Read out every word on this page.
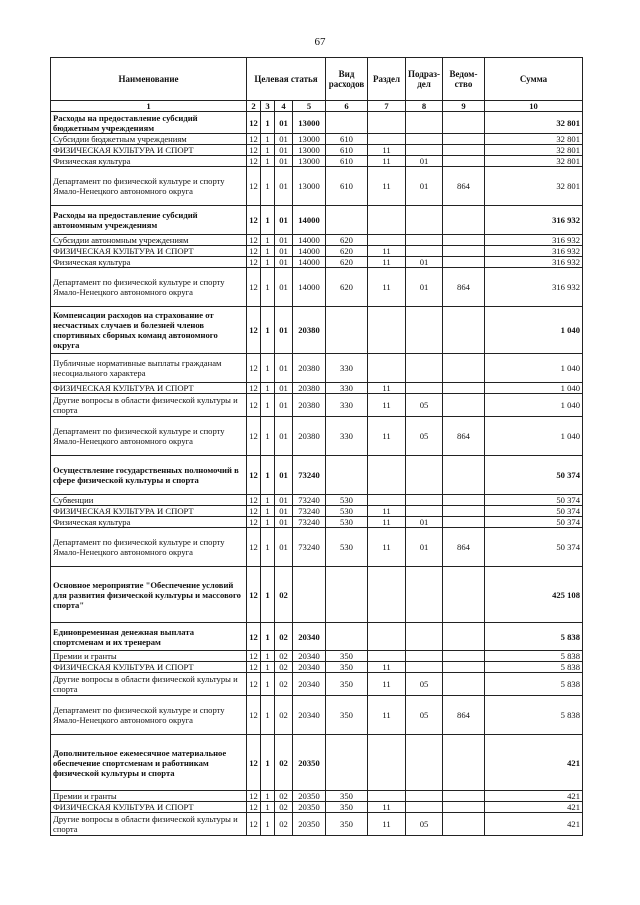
67
Наименование	Целевая статья				Вид расходов	Раздел	Подраз-дел	Ведом-ство	Сумма
1	2	3	4	5	6	7	8	9	10
Расходы на предоставление субсидий бюджетным учреждениям	12	1	01	13000					32 801
Субсидии бюджетным учреждениям	12	1	01	13000	610				32 801
ФИЗИЧЕСКАЯ КУЛЬТУРА И СПОРТ	12	1	01	13000	610	11			32 801
Физическая культура	12	1	01	13000	610	11	01		32 801
Департамент по физической культуре и спорту Ямало-Ненецкого автономного округа	12	1	01	13000	610	11	01	864	32 801
Расходы на предоставление субсидий автономным учреждениям	12	1	01	14000					316 932
Субсидии автономным учреждениям	12	1	01	14000	620				316 932
ФИЗИЧЕСКАЯ КУЛЬТУРА И СПОРТ	12	1	01	14000	620	11			316 932
Физическая культура	12	1	01	14000	620	11	01		316 932
Департамент по физической культуре и спорту Ямало-Ненецкого автономного округа	12	1	01	14000	620	11	01	864	316 932
Компенсации расходов на страхование от несчастных случаев и болезней членов спортивных сборных команд автономного округа	12	1	01	20380					1 040
Публичные нормативные выплаты гражданам несоциального характера	12	1	01	20380	330				1 040
ФИЗИЧЕСКАЯ КУЛЬТУРА И СПОРТ	12	1	01	20380	330	11			1 040
Другие вопросы в области физической культуры и спорта	12	1	01	20380	330	11	05		1 040
Департамент по физической культуре и спорту Ямало-Ненецкого автономного округа	12	1	01	20380	330	11	05	864	1 040
Осуществление государственных полномочий в сфере физической культуры и спорта	12	1	01	73240					50 374
Субвенции	12	1	01	73240	530				50 374
ФИЗИЧЕСКАЯ КУЛЬТУРА И СПОРТ	12	1	01	73240	530	11			50 374
Физическая культура	12	1	01	73240	530	11	01		50 374
Департамент по физической культуре и спорту Ямало-Ненецкого автономного округа	12	1	01	73240	530	11	01	864	50 374
Основное мероприятие "Обеспечение условий для развития физической культуры и массового спорта"	12	1	02						425 108
Единовременная денежная выплата спортсменам и их тренерам	12	1	02	20340					5 838
Премии и гранты	12	1	02	20340	350				5 838
ФИЗИЧЕСКАЯ КУЛЬТУРА И СПОРТ	12	1	02	20340	350	11			5 838
Другие вопросы в области физической культуры и спорта	12	1	02	20340	350	11	05		5 838
Департамент по физической культуре и спорту Ямало-Ненецкого автономного округа	12	1	02	20340	350	11	05	864	5 838
Дополнительное ежемесячное материальное обеспечение спортсменам и работникам физической культуры и спорта	12	1	02	20350					421
Премии и гранты	12	1	02	20350	350				421
ФИЗИЧЕСКАЯ КУЛЬТУРА И СПОРТ	12	1	02	20350	350	11			421
Другие вопросы в области физической культуры и спорта	12	1	02	20350	350	11	05		421
